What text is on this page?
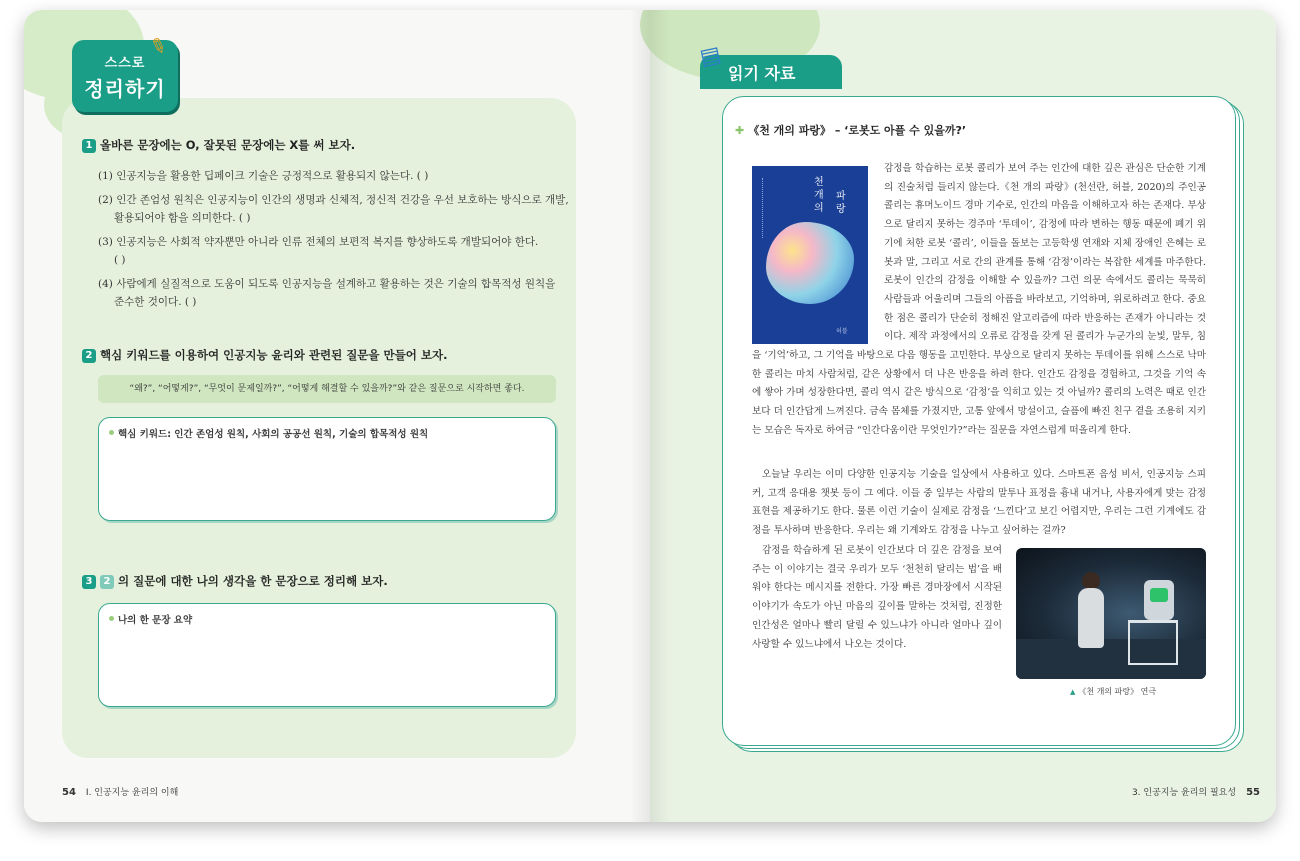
스스로
정리하기
✎
1 올바른 문장에는 O, 잘못된 문장에는 X를 써 보자.
(1) 인공지능을 활용한 딥페이크 기술은 긍정적으로 활용되지 않는다. ( )
(2) 인간 존엄성 원칙은 인공지능이 인간의 생명과 신체적, 정신적 건강을 우선 보호하는 방식으로 개발,
활용되어야 함을 의미한다. ( )
(3) 인공지능은 사회적 약자뿐만 아니라 인류 전체의 보편적 복지를 향상하도록 개발되어야 한다.
( )
(4) 사람에게 실질적으로 도움이 되도록 인공지능을 설계하고 활용하는 것은 기술의 합목적성 원칙을
준수한 것이다. ( )
2 핵심 키워드를 이용하여 인공지능 윤리와 관련된 질문을 만들어 보자.
“왜?”, “어떻게?”, “무엇이 문제일까?”, “어떻게 해결할 수 있을까?”와 같은 질문으로 시작하면 좋다.
핵심 키워드: 인간 존엄성 원칙, 사회의 공공선 원칙, 기술의 합목적성 원칙
3 2 의 질문에 대한 나의 생각을 한 문장으로 정리해 보자.
나의 한 문장 요약
54 I. 인공지능 윤리의 이해
읽기 자료
▤
✚ 《천 개의 파랑》 – ‘로봇도 아플 수 있을까?’
천 개의
파랑
허블
감정을 학습하는 로봇 콜리가 보여 주는 인간에 대한 깊은 관심은 단순한 기계의 진술처럼 들리지 않는다.《천 개의 파랑》(천선란, 허블, 2020)의 주인공 콜리는 휴머노이드 경마 기수로, 인간의 마음을 이해하고자 하는 존재다. 부상으로 달리지 못하는 경주마 ‘투데이’, 감정에 따라 변하는 행동 때문에 폐기 위기에 처한 로봇 ‘콜리’, 이들을 돌보는 고등학생 연재와 지체 장애인 은혜는 로봇과 말, 그리고 서로 간의 관계를 통해 ‘감정’이라는 복잡한 세계를 마주한다. 로봇이 인간의 감정을 이해할 수 있을까? 그런 의문 속에서도 콜리는 묵묵히 사람들과 어울리며 그들의 아픔을 바라보고, 기억하며, 위로하려고 한다. 중요한 점은 콜리가 단순히 정해진 알고리즘에 따라 반응하는 존재가 아니라는 것이다. 제작 과정에서의 오류로 감정을 갖게 된 콜리가 누군가의 눈빛, 말투, 침
을 ‘기억’하고, 그 기억을 바탕으로 다음 행동을 고민한다. 부상으로 달리지 못하는 투데이를 위해 스스로 낙마한 콜리는 마치 사람처럼, 같은 상황에서 더 나은 반응을 하려 한다. 인간도 감정을 경험하고, 그것을 기억 속에 쌓아 가며 성장한다면, 콜리 역시 같은 방식으로 ‘감정’을 익히고 있는 것 아닐까? 콜리의 노력은 때로 인간보다 더 인간답게 느껴진다. 금속 몸체를 가졌지만, 고통 앞에서 망설이고, 슬픔에 빠진 친구 곁을 조용히 지키는 모습은 독자로 하여금 “인간다움이란 무엇인가?”라는 질문을 자연스럽게 떠올리게 한다.
오늘날 우리는 이미 다양한 인공지능 기술을 일상에서 사용하고 있다. 스마트폰 음성 비서, 인공지능 스피커, 고객 응대용 챗봇 등이 그 예다. 이들 중 일부는 사람의 말투나 표정을 흉내 내거나, 사용자에게 맞는 감정 표현을 제공하기도 한다. 물론 이런 기술이 실제로 감정을 ‘느낀다’고 보긴 어렵지만, 우리는 그런 기계에도 감정을 투사하며 반응한다. 우리는 왜 기계와도 감정을 나누고 싶어하는 걸까?
감정을 학습하게 된 로봇이 인간보다 더 깊은 감정을 보여 주는 이 이야기는 결국 우리가 모두 ‘천천히 달리는 법’을 배워야 한다는 메시지를 전한다. 가장 빠른 경마장에서 시작된 이야기가 속도가 아닌 마음의 깊이를 말하는 것처럼, 진정한 인간성은 얼마나 빨리 달릴 수 있느냐가 아니라 얼마나 깊이 사랑할 수 있느냐에서 나오는 것이다.
▲ 《천 개의 파랑》 연극
3. 인공지능 윤리의 필요성 55
